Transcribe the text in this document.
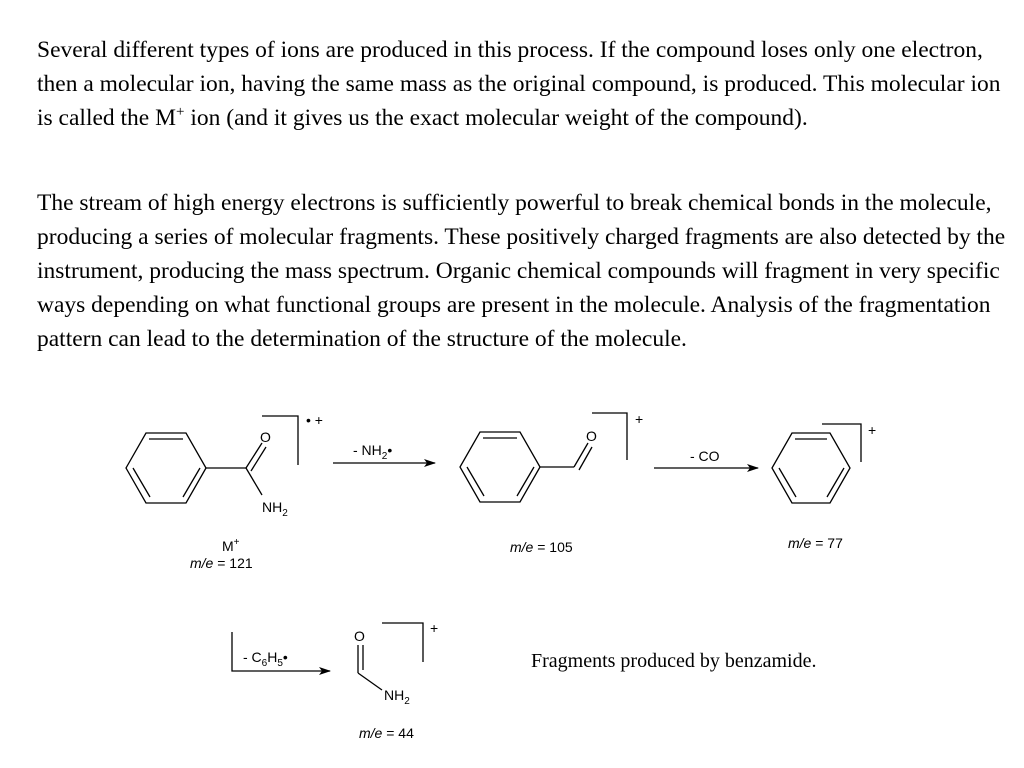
Several different types of ions are produced in this process. If the compound loses only one electron, then a molecular ion, having the same mass as the original compound, is produced. This molecular ion is called the M+ ion (and it gives us the exact molecular weight of the compound).

The stream of high energy electrons is sufficiently powerful to break chemical bonds in the molecule, producing a series of molecular fragments. These positively charged fragments are also detected by the instrument, producing the mass spectrum. Organic chemical compounds will fragment in very specific ways depending on what functional groups are present in the molecule. Analysis of the fragmentation pattern can lead to the determination of the structure of the molecule.

O
$NH_2$
• +
M+
m/e = 121
- $NH_2•$
O
+
m/e = 105
- CO
+
m/e = 77
- $C_6H_5•$
O
$NH_2$
+
m/e = 44

Fragments produced by benzamide.
